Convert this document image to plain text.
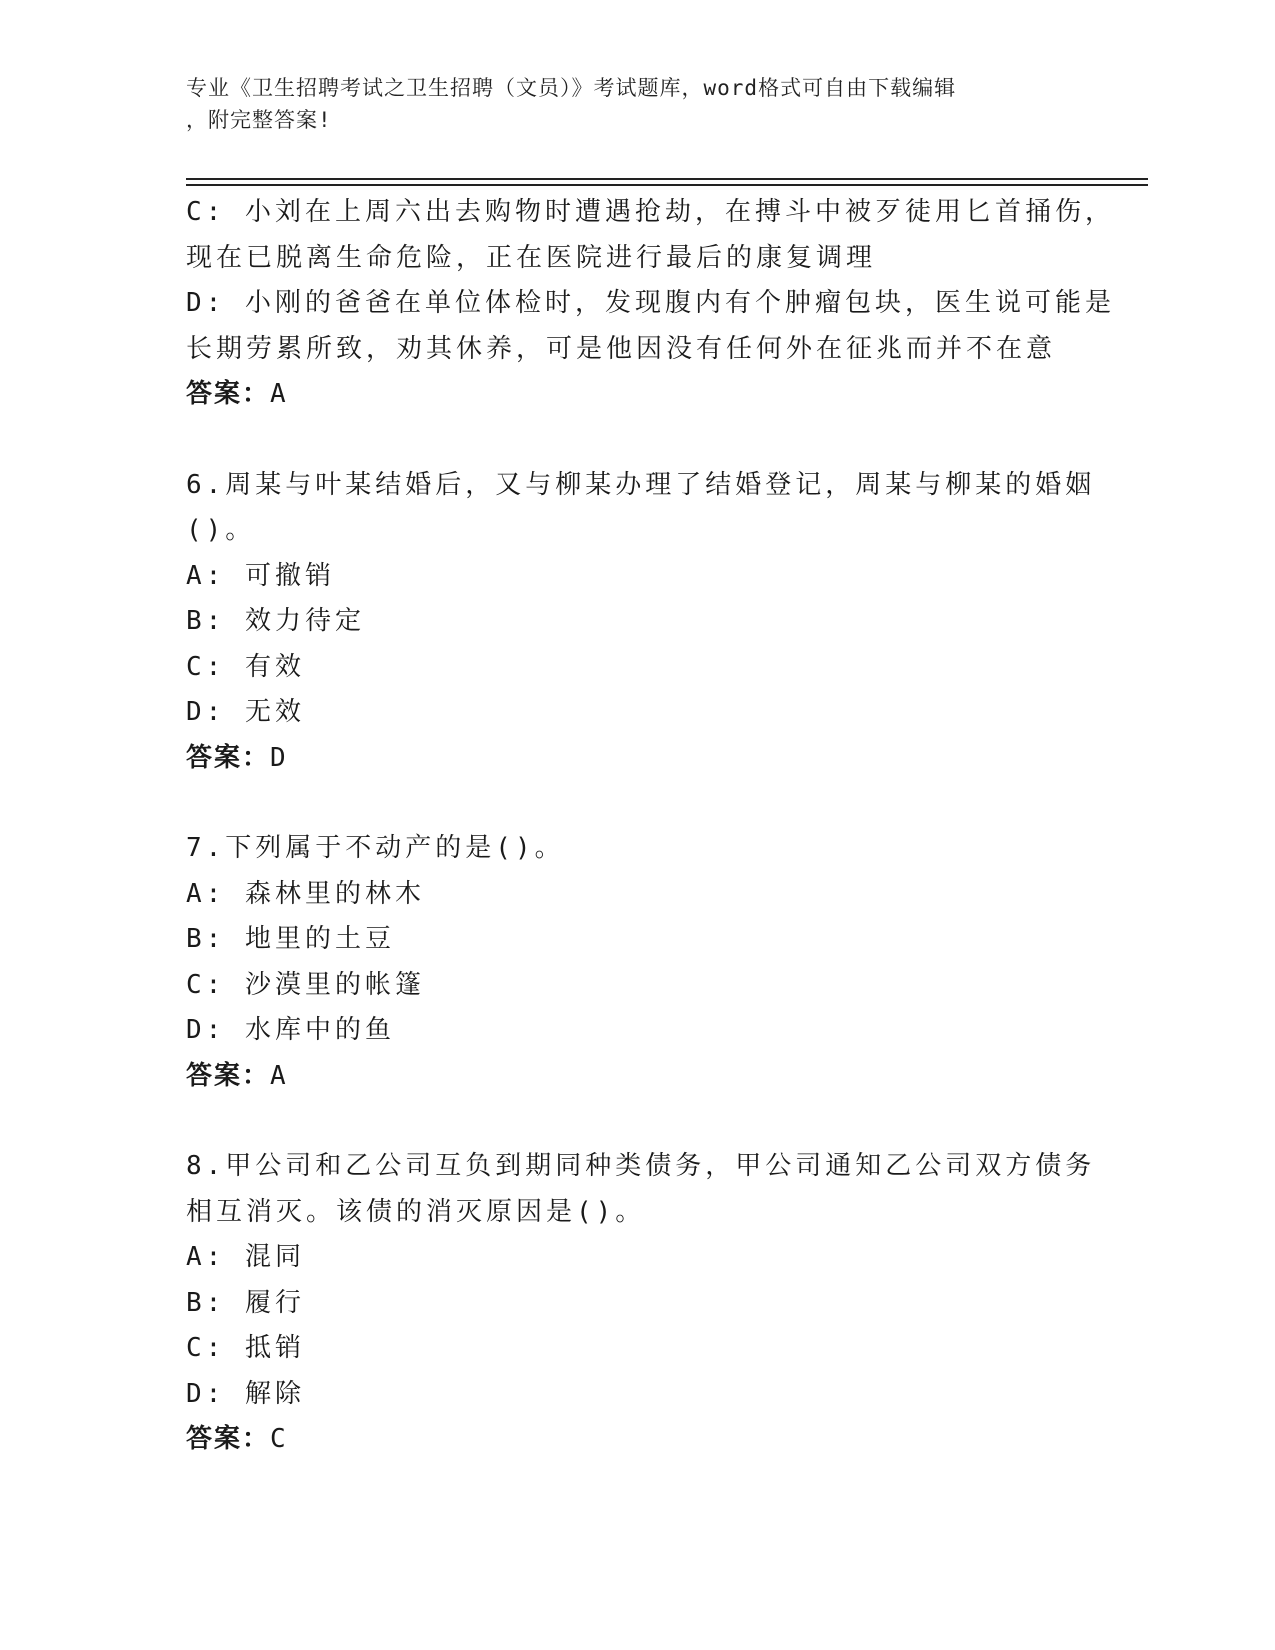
专业《卫生招聘考试之卫生招聘（文员）》考试题库，word格式可自由下载编辑
，附完整答案!
C: 小刘在上周六出去购物时遭遇抢劫，在搏斗中被歹徒用匕首捅伤，
现在已脱离生命危险，正在医院进行最后的康复调理
D: 小刚的爸爸在单位体检时，发现腹内有个肿瘤包块，医生说可能是
长期劳累所致，劝其休养，可是他因没有任何外在征兆而并不在意
答案：A
6.周某与叶某结婚后，又与柳某办理了结婚登记，周某与柳某的婚姻
()。
A: 可撤销
B: 效力待定
C: 有效
D: 无效
答案：D
7.下列属于不动产的是()。
A: 森林里的林木
B: 地里的土豆
C: 沙漠里的帐篷
D: 水库中的鱼
答案：A
8.甲公司和乙公司互负到期同种类债务，甲公司通知乙公司双方债务
相互消灭。该债的消灭原因是()。
A: 混同
B: 履行
C: 抵销
D: 解除
答案：C
